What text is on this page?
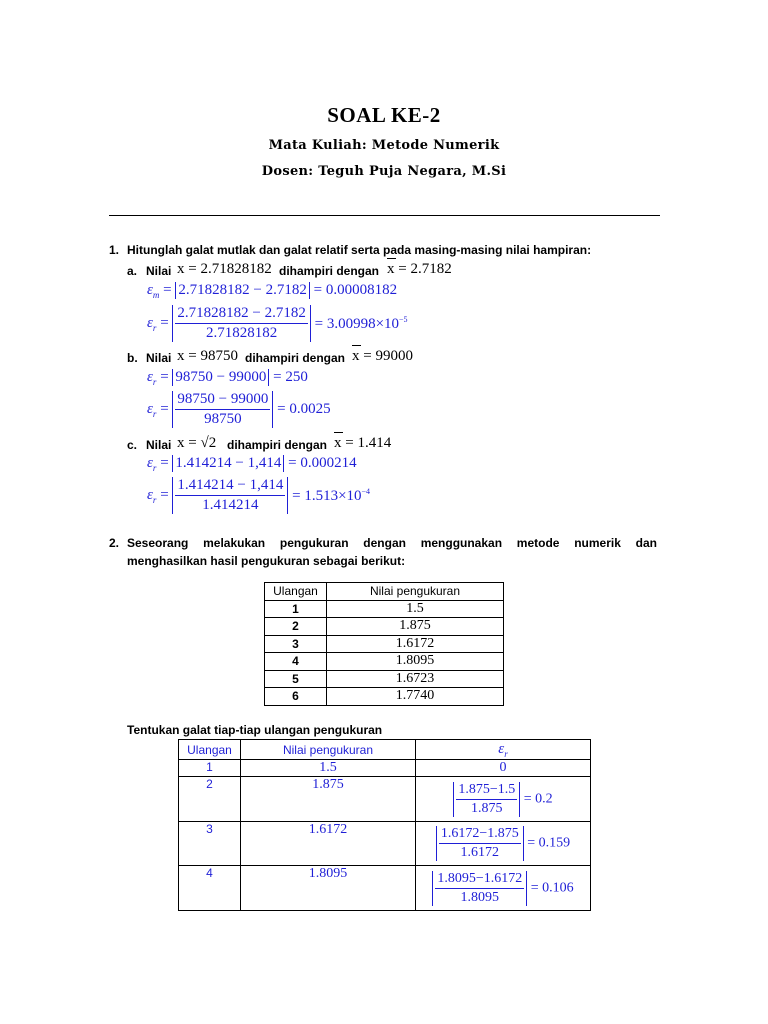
SOAL KE-2
Mata Kuliah: Metode Numerik
Dosen: Teguh Puja Negara, M.Si
1. Hitunglah galat mutlak dan galat relatif serta pada masing-masing nilai hampiran:
a. Nilai x = 2.71828182 dihampiri dengan x = 2.7182
$\varepsilon_m = 2.71828182 - 2.7182 = 0.00008182$
$\varepsilon_r = \frac{2.71828182 - 2.7182}{2.71828182} = 3.00998\times 10^{-5}$
b. Nilai x = 98750 dihampiri dengan x = 99000
$\varepsilon_r = 98750 - 99000 = 250$
$\varepsilon_r = \frac{98750 - 99000}{98750} = 0.0025$
c. Nilai x = √2 dihampiri dengan x = 1.414
$\varepsilon_r = 1.414214 - 1,414 = 0.000214$
$\varepsilon_r = \frac{1.414214 - 1,414}{1.414214} = 1.513\times 10^{-4}$
2. Seseorang melakukan pengukuran dengan menggunakan metode numerik dan
menghasilkan hasil pengukuran sebagai berikut:
Ulangan	Nilai pengukuran
1	1.5
2	1.875
3	1.6172
4	1.8095
5	1.6723
6	1.7740
Tentukan galat tiap-tiap ulangan pengukuran
Ulangan	Nilai pengukuran	$\varepsilon_r$
1	1.5	0
2	1.875	$\frac{1.875-1.5}{1.875} = 0.2$
3	1.6172	$\frac{1.6172-1.875}{1.6172} = 0.159$
4	1.8095	$\frac{1.8095-1.6172}{1.8095} = 0.106$
